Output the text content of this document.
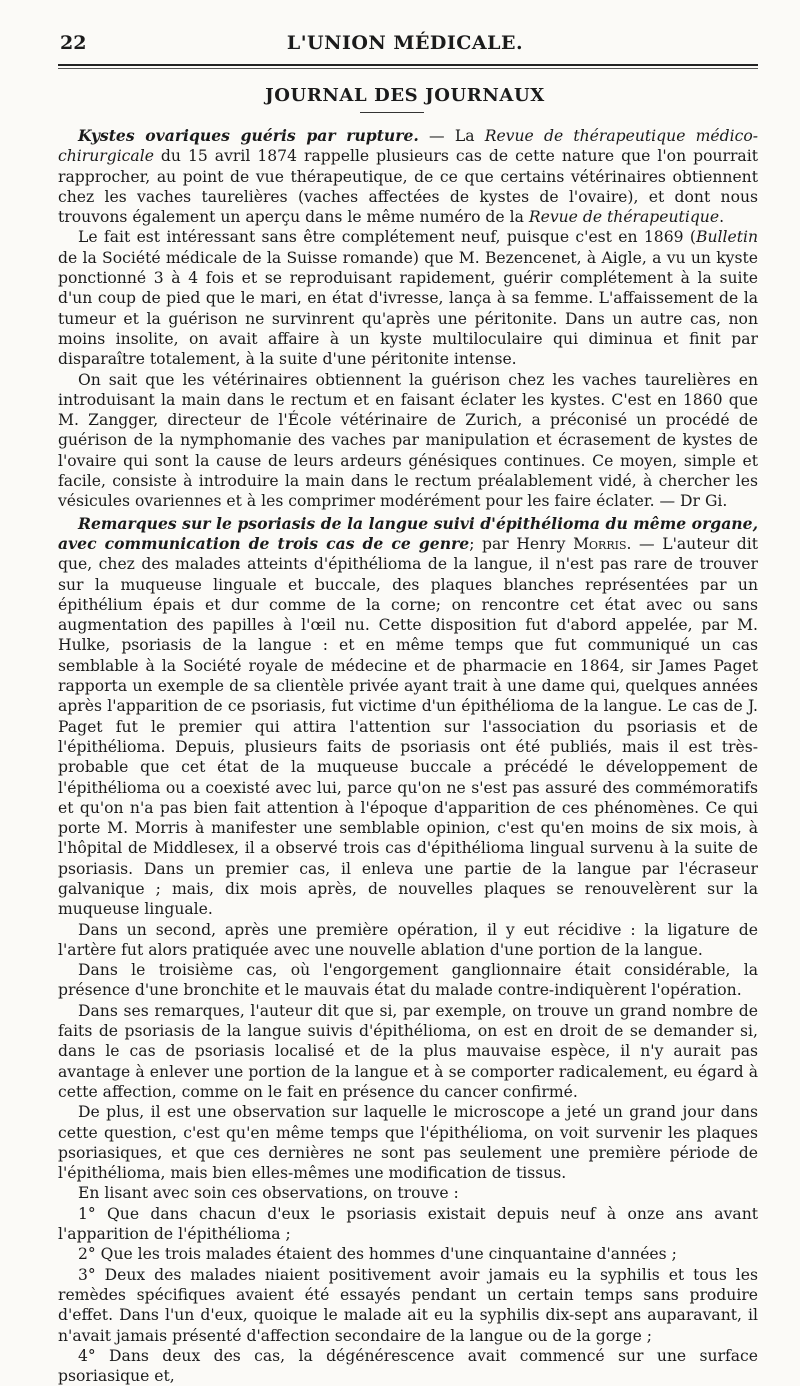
22	L'UNION MÉDICALE.
JOURNAL DES JOURNAUX

Kystes ovariques guéris par rupture. — La Revue de thérapeutique médico-chirurgicale du 15 avril 1874 rappelle plusieurs cas de cette nature que l'on pourrait rapprocher, au point de vue thérapeutique, de ce que certains vétérinaires obtiennent chez les vaches taurelières (vaches affectées de kystes de l'ovaire), et dont nous trouvons également un aperçu dans le même numéro de la Revue de thérapeutique.

Le fait est intéressant sans être complétement neuf, puisque c'est en 1869 (Bulletin de la Société médicale de la Suisse romande) que M. Bezencenet, à Aigle, a vu un kyste ponctionné 3 à 4 fois et se reproduisant rapidement, guérir complétement à la suite d'un coup de pied que le mari, en état d'ivresse, lança à sa femme. L'affaissement de la tumeur et la guérison ne survinrent qu'après une péritonite. Dans un autre cas, non moins insolite, on avait affaire à un kyste multiloculaire qui diminua et finit par disparaître totalement, à la suite d'une péritonite intense.

On sait que les vétérinaires obtiennent la guérison chez les vaches taurelières en introduisant la main dans le rectum et en faisant éclater les kystes. C'est en 1860 que M. Zangger, directeur de l'École vétérinaire de Zurich, a préconisé un procédé de guérison de la nymphomanie des vaches par manipulation et écrasement de kystes de l'ovaire qui sont la cause de leurs ardeurs génésiques continues. Ce moyen, simple et facile, consiste à introduire la main dans le rectum préalablement vidé, à chercher les vésicules ovariennes et à les comprimer modérément pour les faire éclater. — Dr Gi.

Remarques sur le psoriasis de la langue suivi d'épithélioma du même organe, avec communication de trois cas de ce genre; par Henry Morris. — L'auteur dit que, chez des malades atteints d'épithélioma de la langue, il n'est pas rare de trouver sur la muqueuse linguale et buccale, des plaques blanches représentées par un épithélium épais et dur comme de la corne; on rencontre cet état avec ou sans augmentation des papilles à l'œil nu. Cette disposition fut d'abord appelée, par M. Hulke, psoriasis de la langue : et en même temps que fut communiqué un cas semblable à la Société royale de médecine et de pharmacie en 1864, sir James Paget rapporta un exemple de sa clientèle privée ayant trait à une dame qui, quelques années après l'apparition de ce psoriasis, fut victime d'un épithélioma de la langue. Le cas de J. Paget fut le premier qui attira l'attention sur l'association du psoriasis et de l'épithélioma. Depuis, plusieurs faits de psoriasis ont été publiés, mais il est très-probable que cet état de la muqueuse buccale a précédé le développement de l'épithélioma ou a coexisté avec lui, parce qu'on ne s'est pas assuré des commémoratifs et qu'on n'a pas bien fait attention à l'époque d'apparition de ces phénomènes. Ce qui porte M. Morris à manifester une semblable opinion, c'est qu'en moins de six mois, à l'hôpital de Middlesex, il a observé trois cas d'épithélioma lingual survenu à la suite de psoriasis. Dans un premier cas, il enleva une partie de la langue par l'écraseur galvanique ; mais, dix mois après, de nouvelles plaques se renouvelèrent sur la muqueuse linguale.

Dans un second, après une première opération, il y eut récidive : la ligature de l'artère fut alors pratiquée avec une nouvelle ablation d'une portion de la langue.

Dans le troisième cas, où l'engorgement ganglionnaire était considérable, la présence d'une bronchite et le mauvais état du malade contre-indiquèrent l'opération.

Dans ses remarques, l'auteur dit que si, par exemple, on trouve un grand nombre de faits de psoriasis de la langue suivis d'épithélioma, on est en droit de se demander si, dans le cas de psoriasis localisé et de la plus mauvaise espèce, il n'y aurait pas avantage à enlever une portion de la langue et à se comporter radicalement, eu égard à cette affection, comme on le fait en présence du cancer confirmé.

De plus, il est une observation sur laquelle le microscope a jeté un grand jour dans cette question, c'est qu'en même temps que l'épithélioma, on voit survenir les plaques psoriasiques, et que ces dernières ne sont pas seulement une première période de l'épithélioma, mais bien elles-mêmes une modification de tissus.

En lisant avec soin ces observations, on trouve :

1° Que dans chacun d'eux le psoriasis existait depuis neuf à onze ans avant l'apparition de l'épithélioma ;

2° Que les trois malades étaient des hommes d'une cinquantaine d'années ;

3° Deux des malades niaient positivement avoir jamais eu la syphilis et tous les remèdes spécifiques avaient été essayés pendant un certain temps sans produire d'effet. Dans l'un d'eux, quoique le malade ait eu la syphilis dix-sept ans auparavant, il n'avait jamais présenté d'affection secondaire de la langue ou de la gorge ;

4° Dans deux des cas, la dégénérescence avait commencé sur une surface psoriasique et,
